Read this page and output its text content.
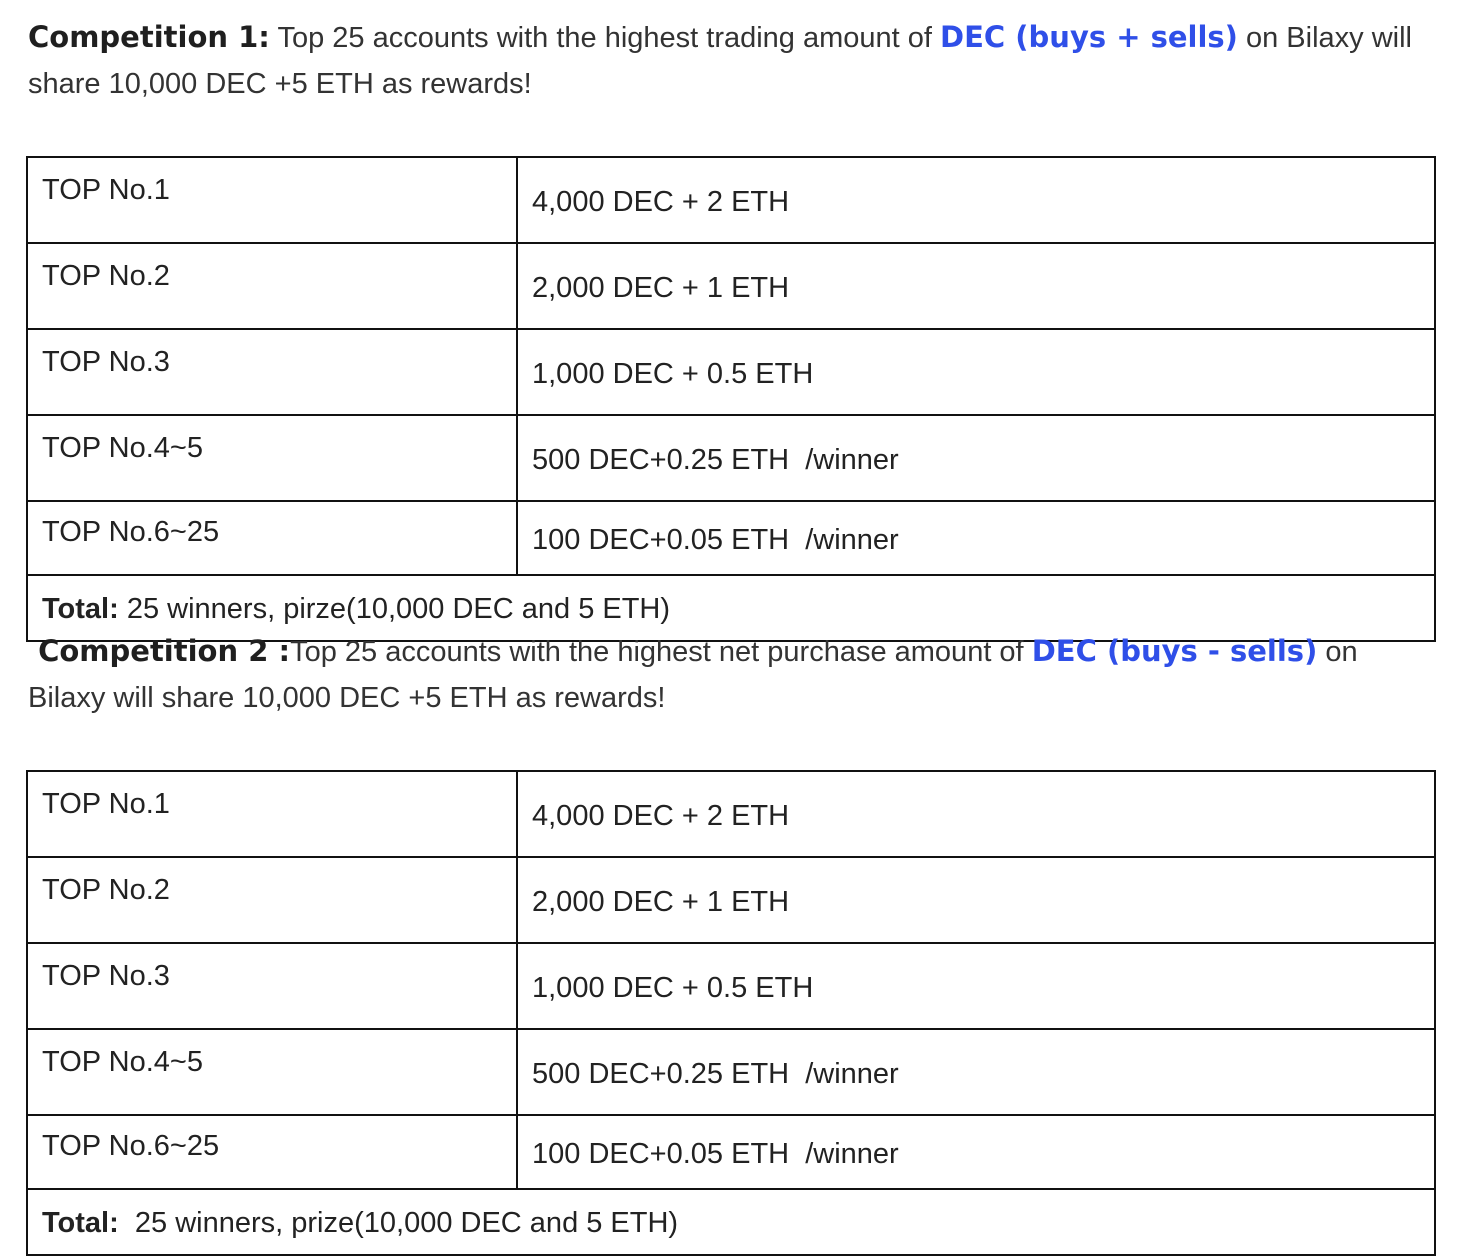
Competition 1: Top 25 accounts with the highest trading amount of DEC (buys + sells) on Bilaxy will share 10,000 DEC +5 ETH as rewards!

TOP No.1	4,000 DEC + 2 ETH
TOP No.2	2,000 DEC + 1 ETH
TOP No.3	1,000 DEC + 0.5 ETH
TOP No.4~5	500 DEC+0.25 ETH  /winner
TOP No.6~25	100 DEC+0.05 ETH  /winner
Total: 25 winners, pirze(10,000 DEC and 5 ETH)	

Competition 2 :Top 25 accounts with the highest net purchase amount of DEC (buys - sells) on Bilaxy will share 10,000 DEC +5 ETH as rewards!

TOP No.1	4,000 DEC + 2 ETH
TOP No.2	2,000 DEC + 1 ETH
TOP No.3	1,000 DEC + 0.5 ETH
TOP No.4~5	500 DEC+0.25 ETH  /winner
TOP No.6~25	100 DEC+0.05 ETH  /winner
Total:  25 winners, prize(10,000 DEC and 5 ETH)	
